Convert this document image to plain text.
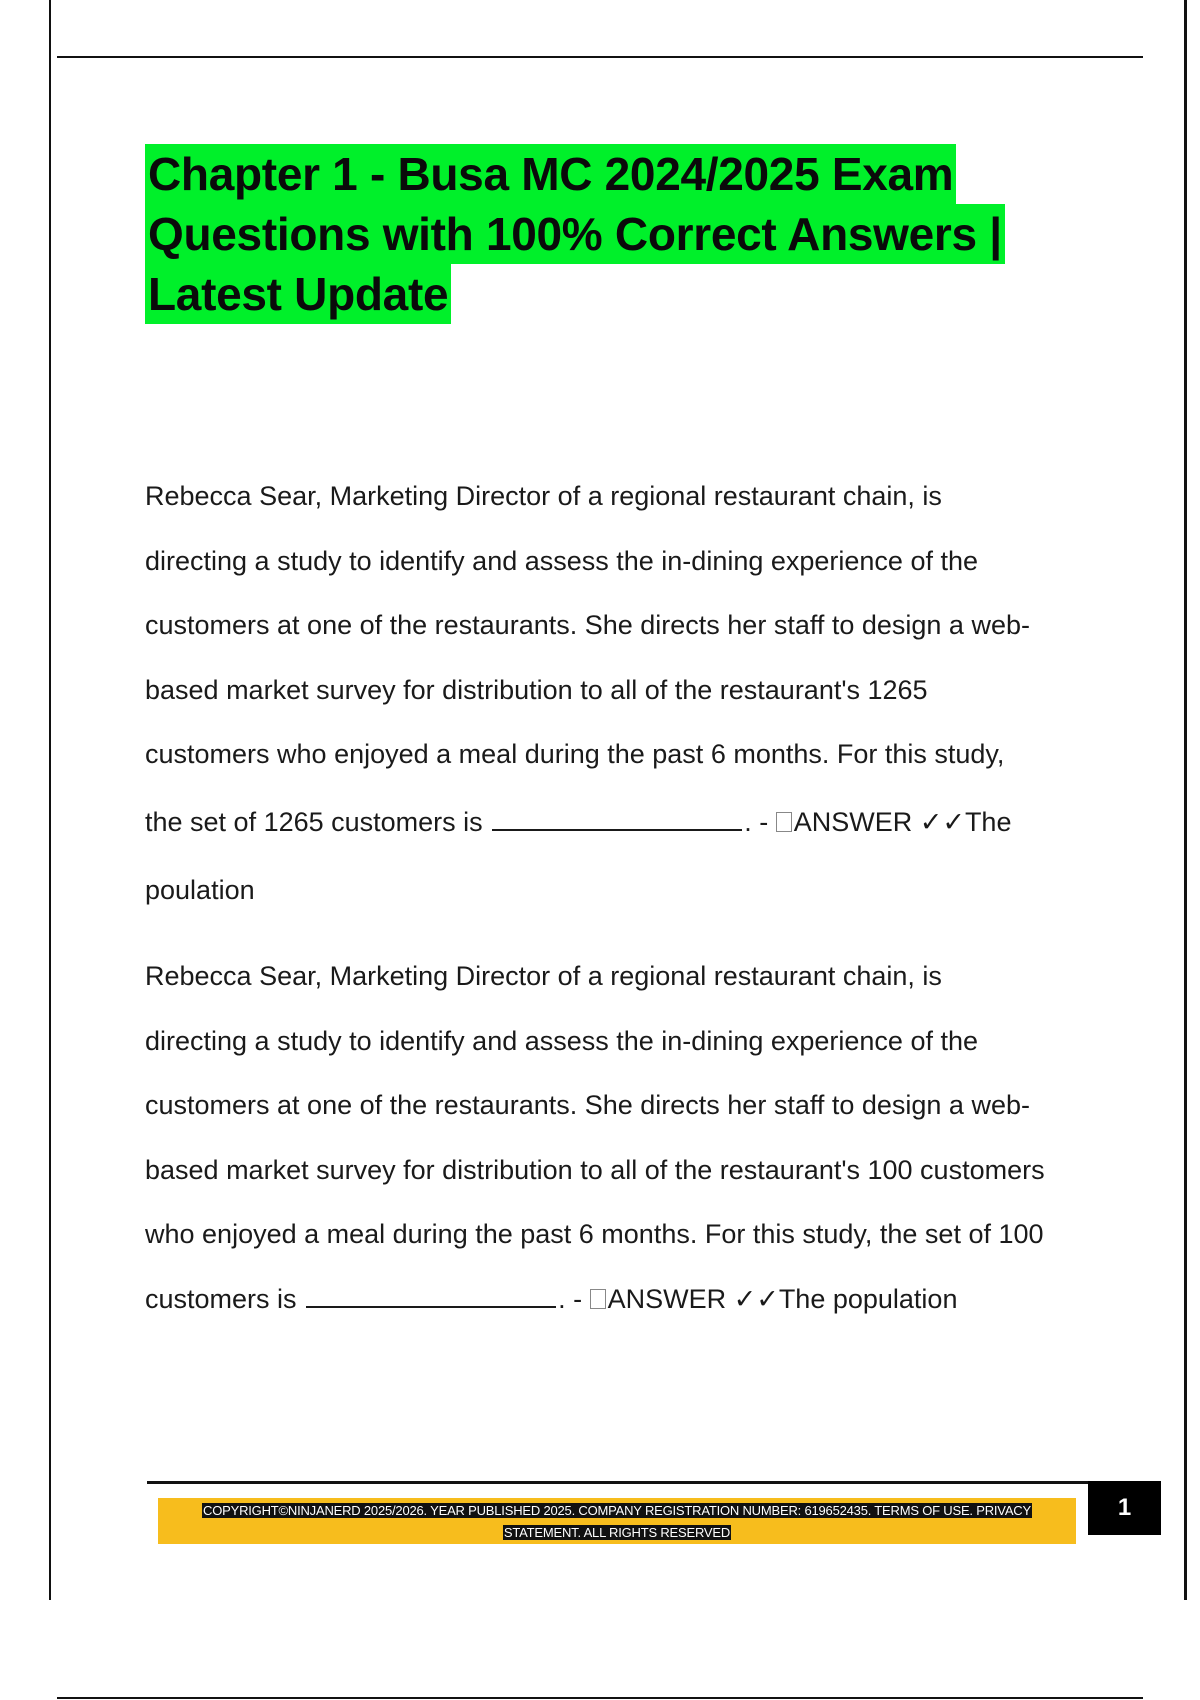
Chapter 1 - Busa MC 2024/2025 Exam
Questions with 100% Correct Answers |
Latest Update
Rebecca Sear, Marketing Director of a regional restaurant chain, is
directing a study to identify and assess the in-dining experience of the
customers at one of the restaurants. She directs her staff to design a web-
based market survey for distribution to all of the restaurant's 1265
customers who enjoyed a meal during the past 6 months. For this study,
the set of 1265 customers is	. - ANSWER ✓✓The
poulation
Rebecca Sear, Marketing Director of a regional restaurant chain, is
directing a study to identify and assess the in-dining experience of the
customers at one of the restaurants. She directs her staff to design a web-
based market survey for distribution to all of the restaurant's 100 customers
who enjoyed a meal during the past 6 months. For this study, the set of 100
customers is	. - ANSWER ✓✓The population
COPYRIGHT©NINJANERD 2025/2026. YEAR PUBLISHED 2025. COMPANY REGISTRATION NUMBER: 619652435. TERMS OF USE. PRIVACY
STATEMENT. ALL RIGHTS RESERVED
1
